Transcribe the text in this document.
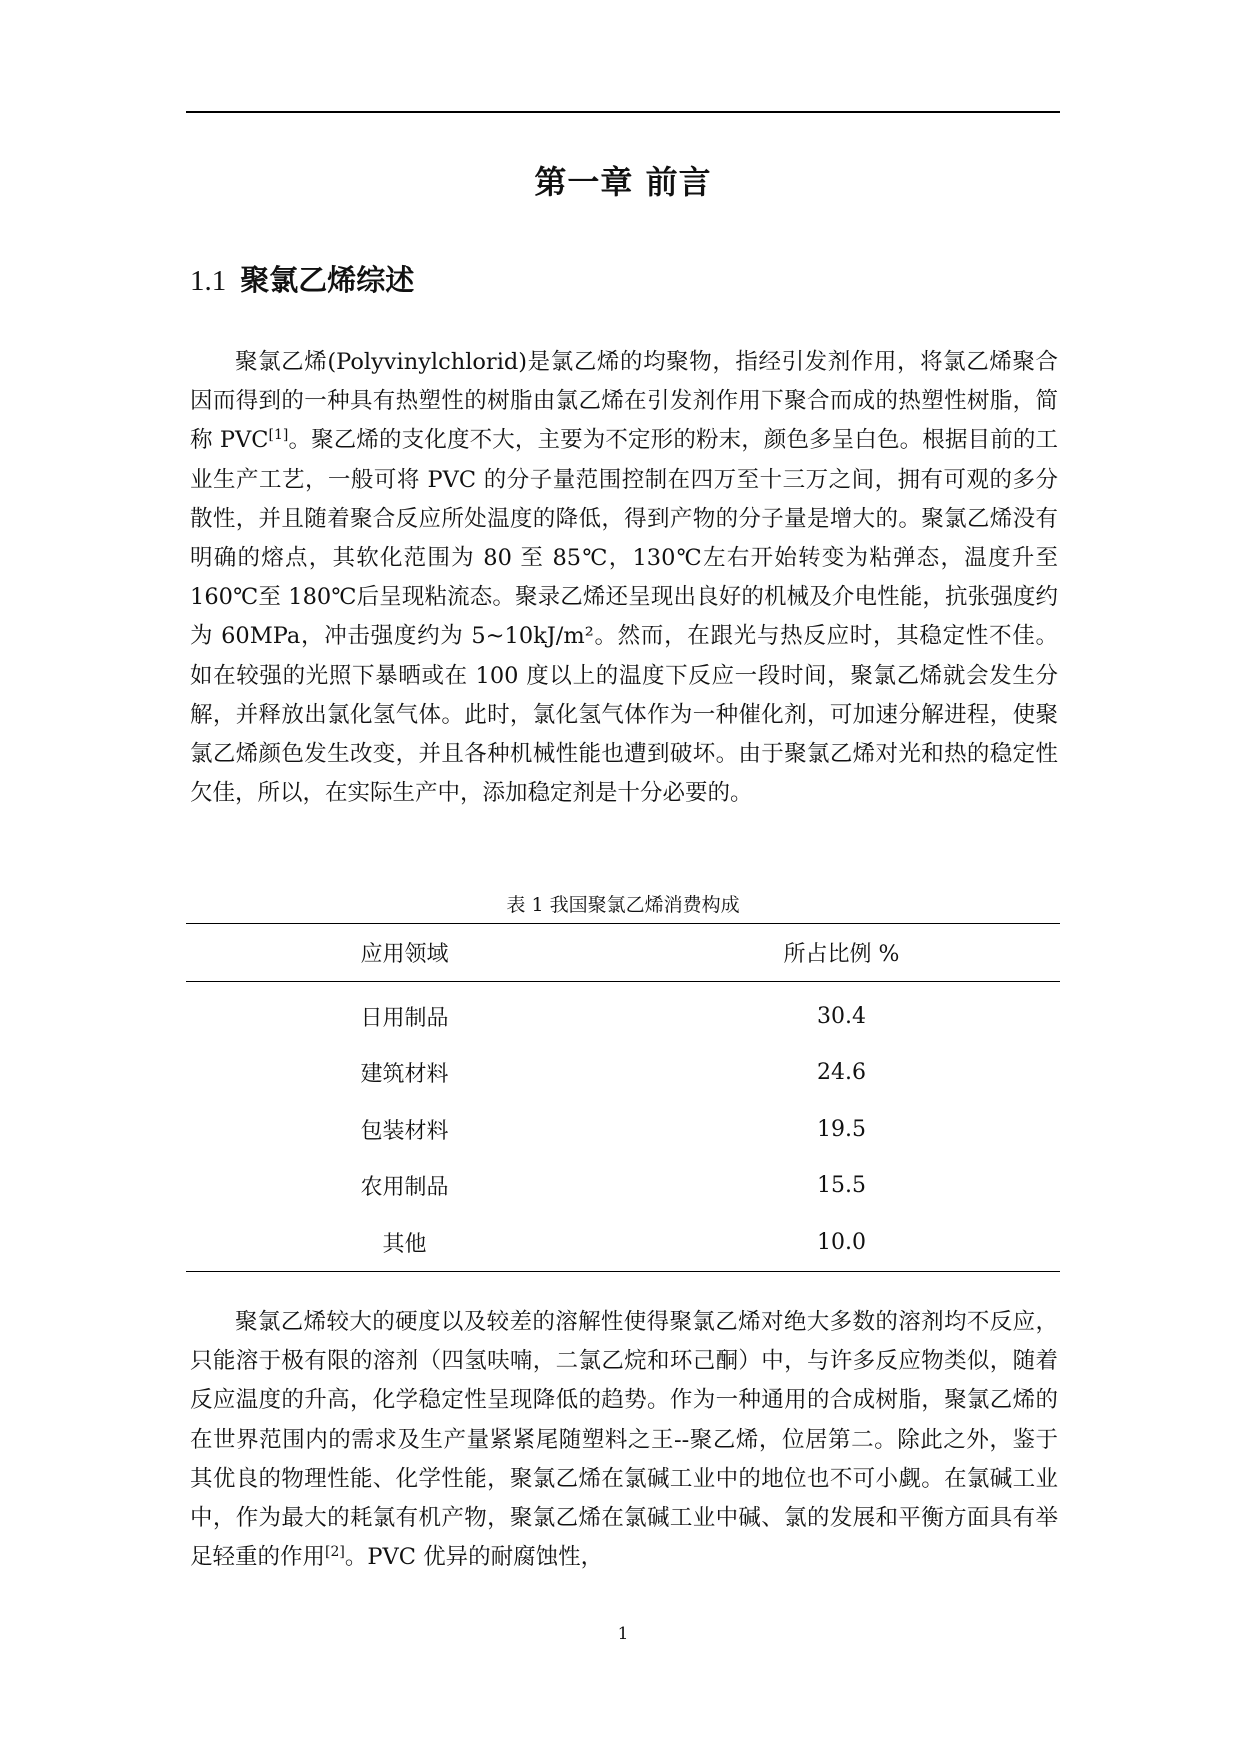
第一章 前言
1.1 聚氯乙烯综述

聚氯乙烯(Polyvinylchlorid)是氯乙烯的均聚物，指经引发剂作用，将氯乙烯聚合因而得到的一种具有热塑性的树脂由氯乙烯在引发剂作用下聚合而成的热塑性树脂，简称 PVC[1]。聚乙烯的支化度不大，主要为不定形的粉末，颜色多呈白色。根据目前的工业生产工艺，一般可将 PVC 的分子量范围控制在四万至十三万之间，拥有可观的多分散性，并且随着聚合反应所处温度的降低，得到产物的分子量是增大的。聚氯乙烯没有明确的熔点，其软化范围为 80 至 85℃，130℃左右开始转变为粘弹态，温度升至 160℃至 180℃后呈现粘流态。聚录乙烯还呈现出良好的机械及介电性能，抗张强度约为 60MPa，冲击强度约为 5~10kJ/m²。然而，在跟光与热反应时，其稳定性不佳。如在较强的光照下暴晒或在 100 度以上的温度下反应一段时间，聚氯乙烯就会发生分解，并释放出氯化氢气体。此时，氯化氢气体作为一种催化剂，可加速分解进程，使聚氯乙烯颜色发生改变，并且各种机械性能也遭到破坏。由于聚氯乙烯对光和热的稳定性欠佳，所以，在实际生产中，添加稳定剂是十分必要的。

表 1 我国聚氯乙烯消费构成
应用领域	所占比例 %
日用制品	30.4
建筑材料	24.6
包装材料	19.5
农用制品	15.5
其他	10.0

聚氯乙烯较大的硬度以及较差的溶解性使得聚氯乙烯对绝大多数的溶剂均不反应，只能溶于极有限的溶剂（四氢呋喃，二氯乙烷和环己酮）中，与许多反应物类似，随着反应温度的升高，化学稳定性呈现降低的趋势。作为一种通用的合成树脂，聚氯乙烯的在世界范围内的需求及生产量紧紧尾随塑料之王--聚乙烯，位居第二。除此之外，鉴于其优良的物理性能、化学性能，聚氯乙烯在氯碱工业中的地位也不可小觑。在氯碱工业中，作为最大的耗氯有机产物，聚氯乙烯在氯碱工业中碱、氯的发展和平衡方面具有举足轻重的作用[2]。PVC 优异的耐腐蚀性，

1
